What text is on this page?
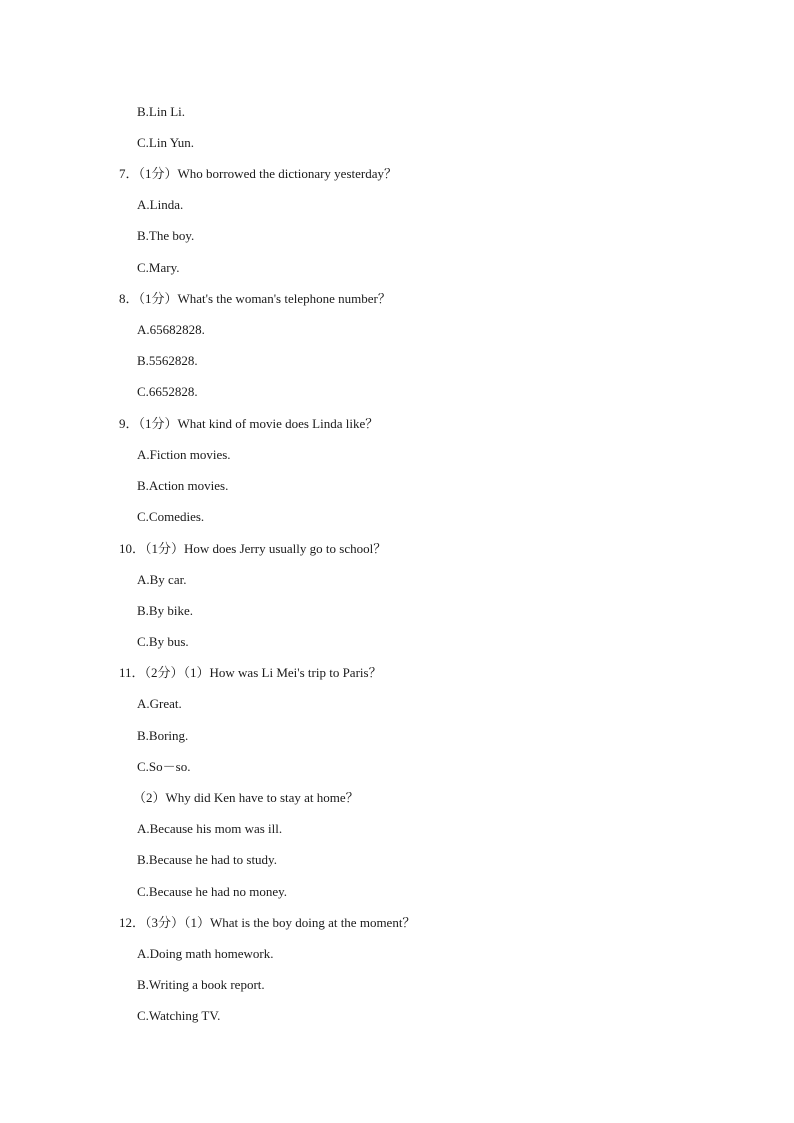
B.Lin Li.
C.Lin Yun.
7．（1分）Who borrowed the dictionary yesterday？
A.Linda.
B.The boy.
C.Mary.
8．（1分）What's the woman's telephone number？
A.65682828.
B.5562828.
C.6652828.
9．（1分）What kind of movie does Linda like？
A.Fiction movies.
B.Action movies.
C.Comedies.
10．（1分）How does Jerry usually go to school？
A.By car.
B.By bike.
C.By bus.
11．（2分）（1）How was Li Mei's trip to Paris？
A.Great.
B.Boring.
C.So－so.
（2）Why did Ken have to stay at home？
A.Because his mom was ill.
B.Because he had to study.
C.Because he had no money.
12．（3分）（1）What is the boy doing at the moment？
A.Doing math homework.
B.Writing a book report.
C.Watching TV.
